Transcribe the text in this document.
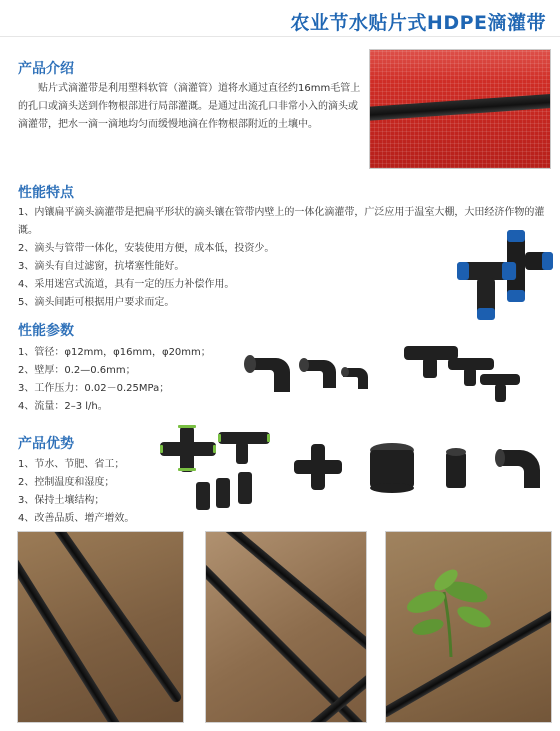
农业节水贴片式HDPE滴灌带
产品介绍
贴片式滴灌带是利用塑料软管（滴灌管）道将水通过直径约16mm毛管上的孔口或滴头送到作物根部进行局部灌溉。是通过出流孔口非常小入的滴头或滴灌带，把水一滴一滴地均匀而缓慢地滴在作物根部附近的土壤中。
性能特点
1、内镶扁平滴头滴灌带是把扁平形状的滴头镶在管带内壁上的一体化滴灌带，广泛应用于温室大棚，大田经济作物的灌溉。
2、滴头与管带一体化，安装使用方便，成本低，投资少。
3、滴头有自过滤窗，抗堵塞性能好。
4、采用迷宫式流道，具有一定的压力补偿作用。
5、滴头间距可根据用户要求而定。
性能参数
1、管径：φ12mm，φ16mm，φ20mm；
2、壁厚：0.2—0.6mm；
3、工作压力：0.02－0.25MPa；
4、流量：2–3 l/h。
产品优势
1、节水、节肥、省工；
2、控制温度和湿度；
3、保持土壤结构；
4、改善品质、增产增效。
